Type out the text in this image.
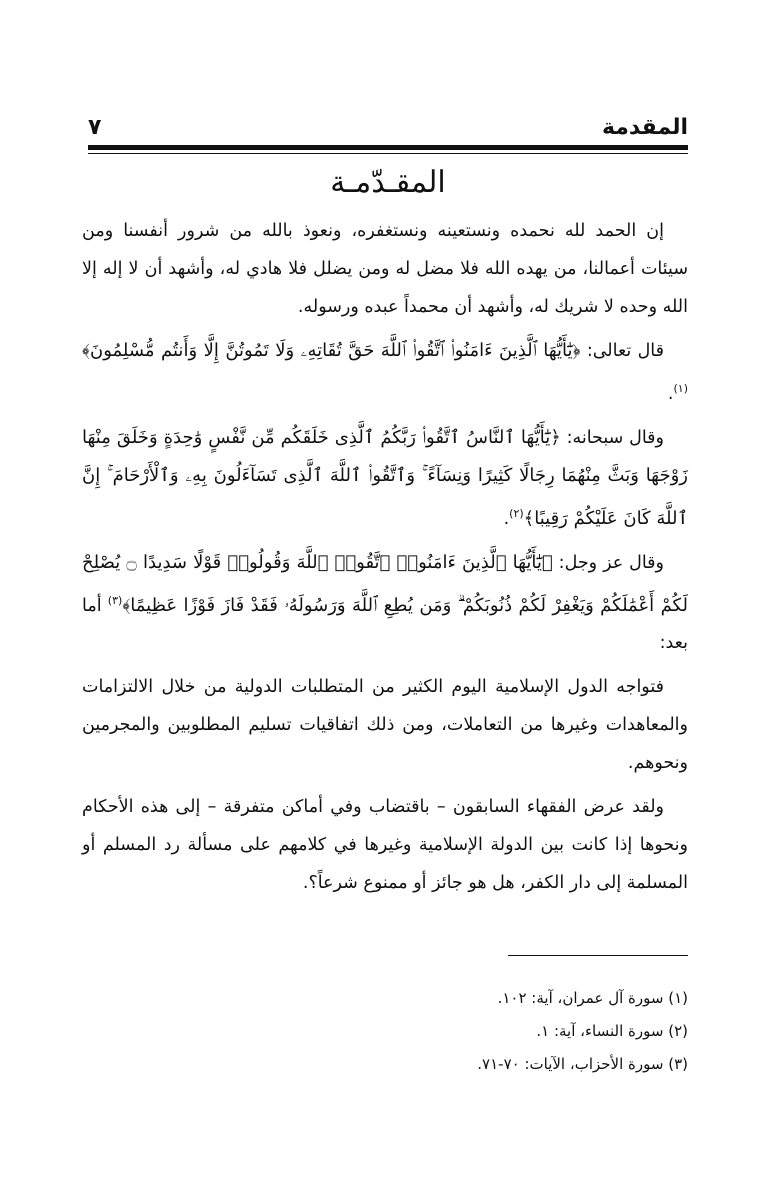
المقدمة
٧
المقـدّمـة

إن الحمد لله نحمده ونستعينه ونستغفره، ونعوذ بالله من شرور أنفسنا ومن سيئات أعمالنا، من يهده الله فلا مضل له ومن يضلل فلا هادي له، وأشهد أن لا إله إلا الله وحده لا شريك له، وأشهد أن محمداً عبده ورسوله.

قال تعالى: ﴿يَٰٓأَيُّهَا ٱلَّذِينَ ءَامَنُوا۟ ٱتَّقُوا۟ ٱللَّهَ حَقَّ تُقَاتِهِۦ وَلَا تَمُوتُنَّ إِلَّا وَأَنتُم مُّسْلِمُونَ﴾$^{(١)}$.

وقال سبحانه: ﴿يَٰٓأَيُّهَا ٱلنَّاسُ ٱتَّقُوا۟ رَبَّكُمُ ٱلَّذِى خَلَقَكُم مِّن نَّفْسٍ وَٰحِدَةٍ وَخَلَقَ مِنْهَا زَوْجَهَا وَبَثَّ مِنْهُمَا رِجَالًا كَثِيرًا وَنِسَآءً ۚ وَٱتَّقُوا۟ ٱللَّهَ ٱلَّذِى تَسَآءَلُونَ بِهِۦ وَٱلْأَرْحَامَ ۚ إِنَّ ٱللَّهَ كَانَ عَلَيْكُمْ رَقِيبًا﴾$^{(٢)}$.

وقال عز وجل: ﴿يَٰٓأَيُّهَا ٱلَّذِينَ ءَامَنُوا۟ ٱتَّقُوا۟ ٱللَّهَ وَقُولُوا۟ قَوْلًا سَدِيدًا ۝ يُصْلِحْ لَكُمْ أَعْمَٰلَكُمْ وَيَغْفِرْ لَكُمْ ذُنُوبَكُمْ ۗ وَمَن يُطِعِ ٱللَّهَ وَرَسُولَهُۥ فَقَدْ فَازَ فَوْزًا عَظِيمًا﴾$^{(٣)}$ أما بعد:

فتواجه الدول الإسلامية اليوم الكثير من المتطلبات الدولية من خلال الالتزامات والمعاهدات وغيرها من التعاملات، ومن ذلك اتفاقيات تسليم المطلوبين والمجرمين ونحوهم.

ولقد عرض الفقهاء السابقون – باقتضاب وفي أماكن متفرقة – إلى هذه الأحكام ونحوها إذا كانت بين الدولة الإسلامية وغيرها في كلامهم على مسألة رد المسلم أو المسلمة إلى دار الكفر، هل هو جائز أو ممنوع شرعاً؟.

(١) سورة آل عمران، آية: ١٠٢.
(٢) سورة النساء، آية: ١.
(٣) سورة الأحزاب، الآيات: ٧٠-٧١.
